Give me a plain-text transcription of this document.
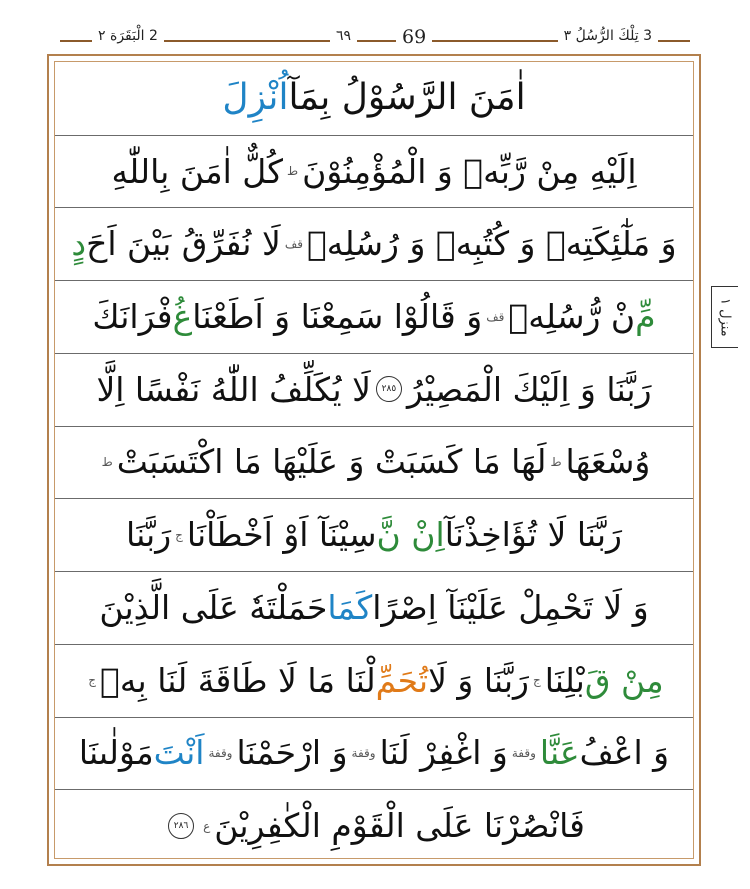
2 الْبَقَرَة ٢	٦٩	69	3 تِلْكَ الرُّسُلُ ٣
اٰمَنَ الرَّسُوْلُ بِمَآ
اُنْزِلَ
اِلَيْهِ مِنْ رَّبِّهٖ وَ الْمُؤْمِنُوْنَ
ط
كُلٌّ اٰمَنَ بِاللّٰهِ
وَ مَلٰٓئِكَتِهٖ وَ كُتُبِهٖ وَ رُسُلِهٖ
قف
لَا نُفَرِّقُ بَيْنَ اَحَ
دٍ
مِّ
نْ رُّسُلِهٖ
قف
وَ قَالُوْا سَمِعْنَا وَ اَطَعْنَا
غُ
فْرَانَكَ
رَبَّنَا وَ اِلَيْكَ الْمَصِيْرُ
٢٨٥
لَا يُكَلِّفُ اللّٰهُ نَفْسًا اِلَّا
وُسْعَهَا
ط
لَهَا مَا كَسَبَتْ وَ عَلَيْهَا مَا اكْتَسَبَتْ
ط
رَبَّنَا لَا تُؤَاخِذْنَآ
اِنْ نَّ
سِيْنَآ اَوْ اَخْطَاْنَا
ج
رَبَّنَا
وَ لَا تَحْمِلْ عَلَيْنَآ اِصْرًا
كَمَا
حَمَلْتَهٗ عَلَى الَّذِيْنَ
مِنْ قَ
بْلِنَا
ج
رَبَّنَا وَ لَا
تُحَمِّ
لْنَا مَا لَا طَاقَةَ لَنَا بِهٖ
ج
وَ اعْفُ
عَنَّا
وقفة
وَ اغْفِرْ لَنَا
وقفة
وَ ارْحَمْنَا
وقفة
اَنْتَ
مَوْلٰىنَا
فَانْصُرْنَا عَلَى الْقَوْمِ الْكٰفِرِيْنَ
ع
٢٨٦
منزل ١
